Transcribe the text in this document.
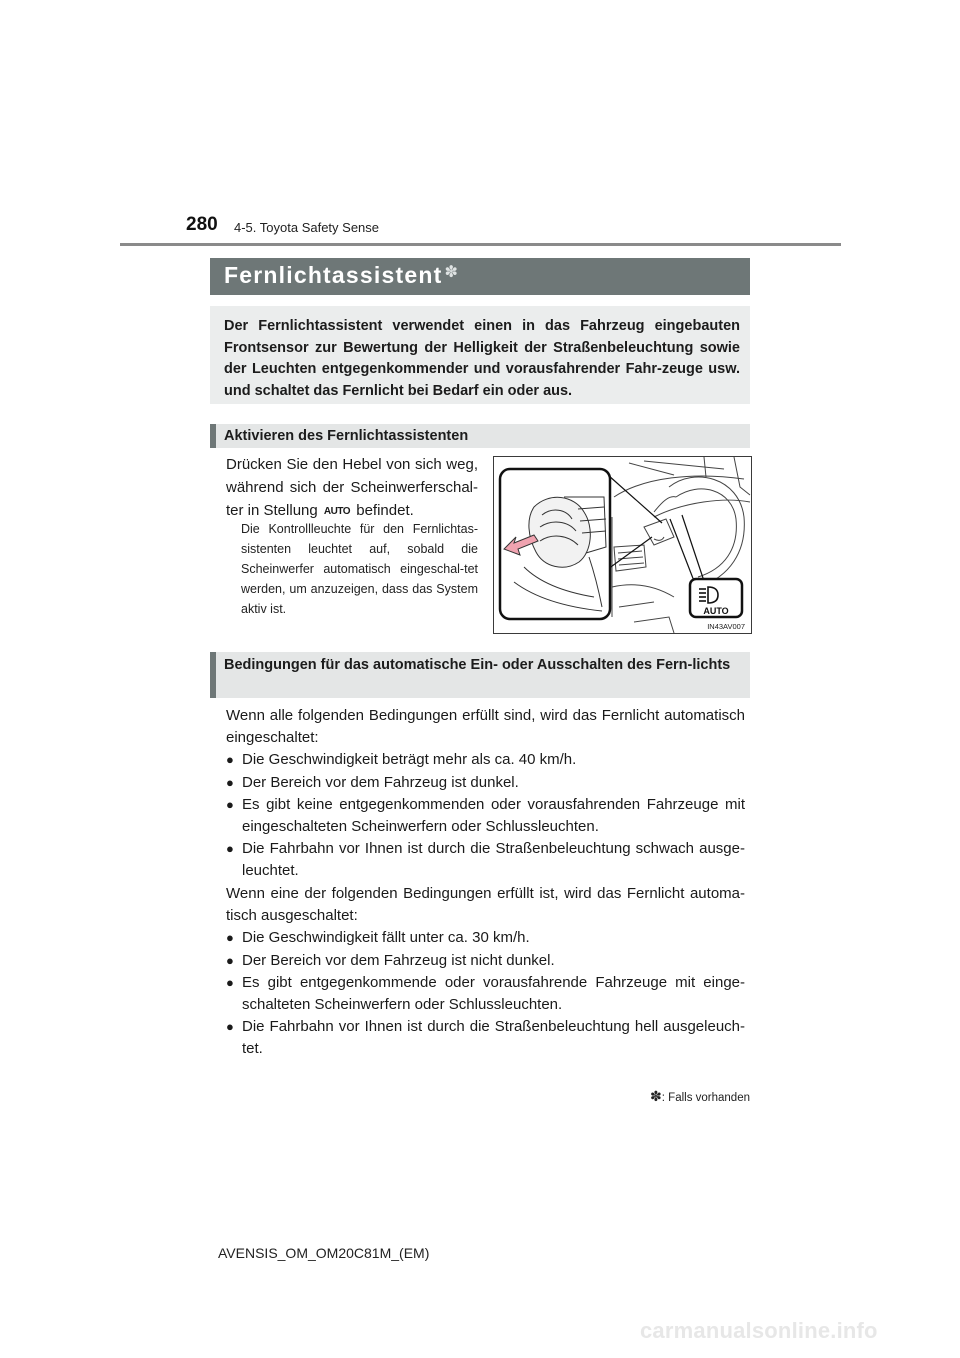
280 4-5. Toyota Safety Sense
Fernlichtassistent ✽
Der Fernlichtassistent verwendet einen in das Fahrzeug eingebauten Frontsensor zur Bewertung der Helligkeit der Straßenbeleuchtung sowie der Leuchten entgegenkommender und vorausfahrender Fahr-zeuge usw. und schaltet das Fernlicht bei Bedarf ein oder aus.
Aktivieren des Fernlichtassistenten
Drücken Sie den Hebel von sich weg, während sich der Scheinwerferschal-ter in Stellung AUTO befindet.
Die Kontrollleuchte für den Fernlichtas-sistenten leuchtet auf, sobald die Scheinwerfer automatisch eingeschal-tet werden, um anzuzeigen, dass das System aktiv ist.	AUTO
IN43AV007
Bedingungen für das automatische Ein- oder Ausschalten des Fern-lichts
Wenn alle folgenden Bedingungen erfüllt sind, wird das Fernlicht automatisch eingeschaltet:
● Die Geschwindigkeit beträgt mehr als ca. 40 km/h.
● Der Bereich vor dem Fahrzeug ist dunkel.
● Es gibt keine entgegenkommenden oder vorausfahrenden Fahrzeuge mit eingeschalteten Scheinwerfern oder Schlussleuchten.
● Die Fahrbahn vor Ihnen ist durch die Straßenbeleuchtung schwach ausge-leuchtet.
Wenn eine der folgenden Bedingungen erfüllt ist, wird das Fernlicht automa-tisch ausgeschaltet:
● Die Geschwindigkeit fällt unter ca. 30 km/h.
● Der Bereich vor dem Fahrzeug ist nicht dunkel.
● Es gibt entgegenkommende oder vorausfahrende Fahrzeuge mit einge-schalteten Scheinwerfern oder Schlussleuchten.
● Die Fahrbahn vor Ihnen ist durch die Straßenbeleuchtung hell ausgeleuch-tet.
✽: Falls vorhanden
AVENSIS_OM_OM20C81M_(EM)
carmanualsonline.info
